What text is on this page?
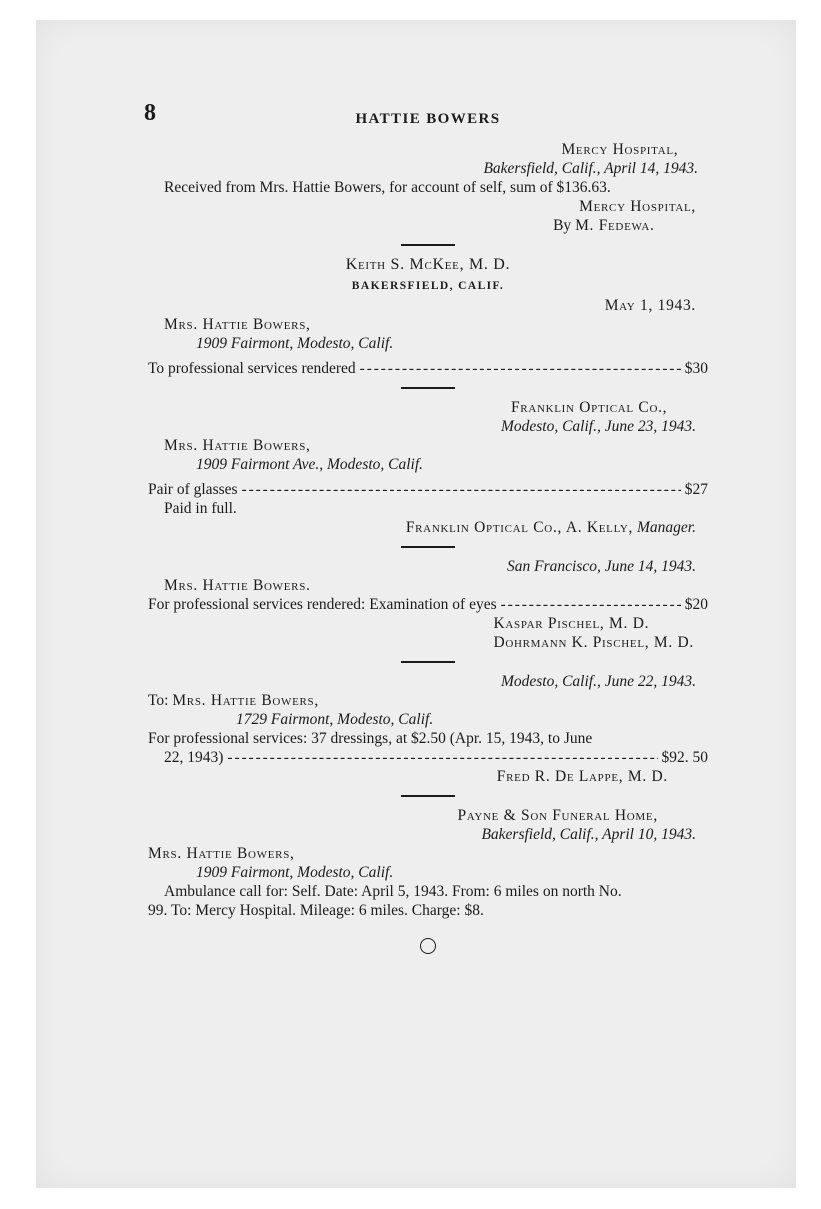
8	HATTIE BOWERS
Mercy Hospital,
Bakersfield, Calif., April 14, 1943.
Received from Mrs. Hattie Bowers, for account of self, sum of $136.63.
Mercy Hospital,
By M. Fedewa.
Keith S. McKee, M. D.
BAKERSFIELD, CALIF.
May 1, 1943.
Mrs. Hattie Bowers,
1909 Fairmont, Modesto, Calif.
To professional services rendered - - -	$30
Franklin Optical Co.,
Modesto, Calif., June 23, 1943.
Mrs. Hattie Bowers,
1909 Fairmont Ave., Modesto, Calif.
Pair of glasses - - -	$27
Paid in full.
Franklin Optical Co., A. Kelly, Manager.
San Francisco, June 14, 1943.
Mrs. Hattie Bowers.
For professional services rendered: Examination of eyes - - -	$20
Kaspar Pischel, M. D.
Dohrmann K. Pischel, M. D.
Modesto, Calif., June 22, 1943.
To: Mrs. Hattie Bowers,
1729 Fairmont, Modesto, Calif.
For professional services: 37 dressings, at $2.50 (Apr. 15, 1943, to June
22, 1943) - - -	$92. 50
Fred R. De Lappe, M. D.
Payne & Son Funeral Home,
Bakersfield, Calif., April 10, 1943.
Mrs. Hattie Bowers,
1909 Fairmont, Modesto, Calif.
Ambulance call for: Self. Date: April 5, 1943. From: 6 miles on north No.
99. To: Mercy Hospital. Mileage: 6 miles. Charge: $8.
